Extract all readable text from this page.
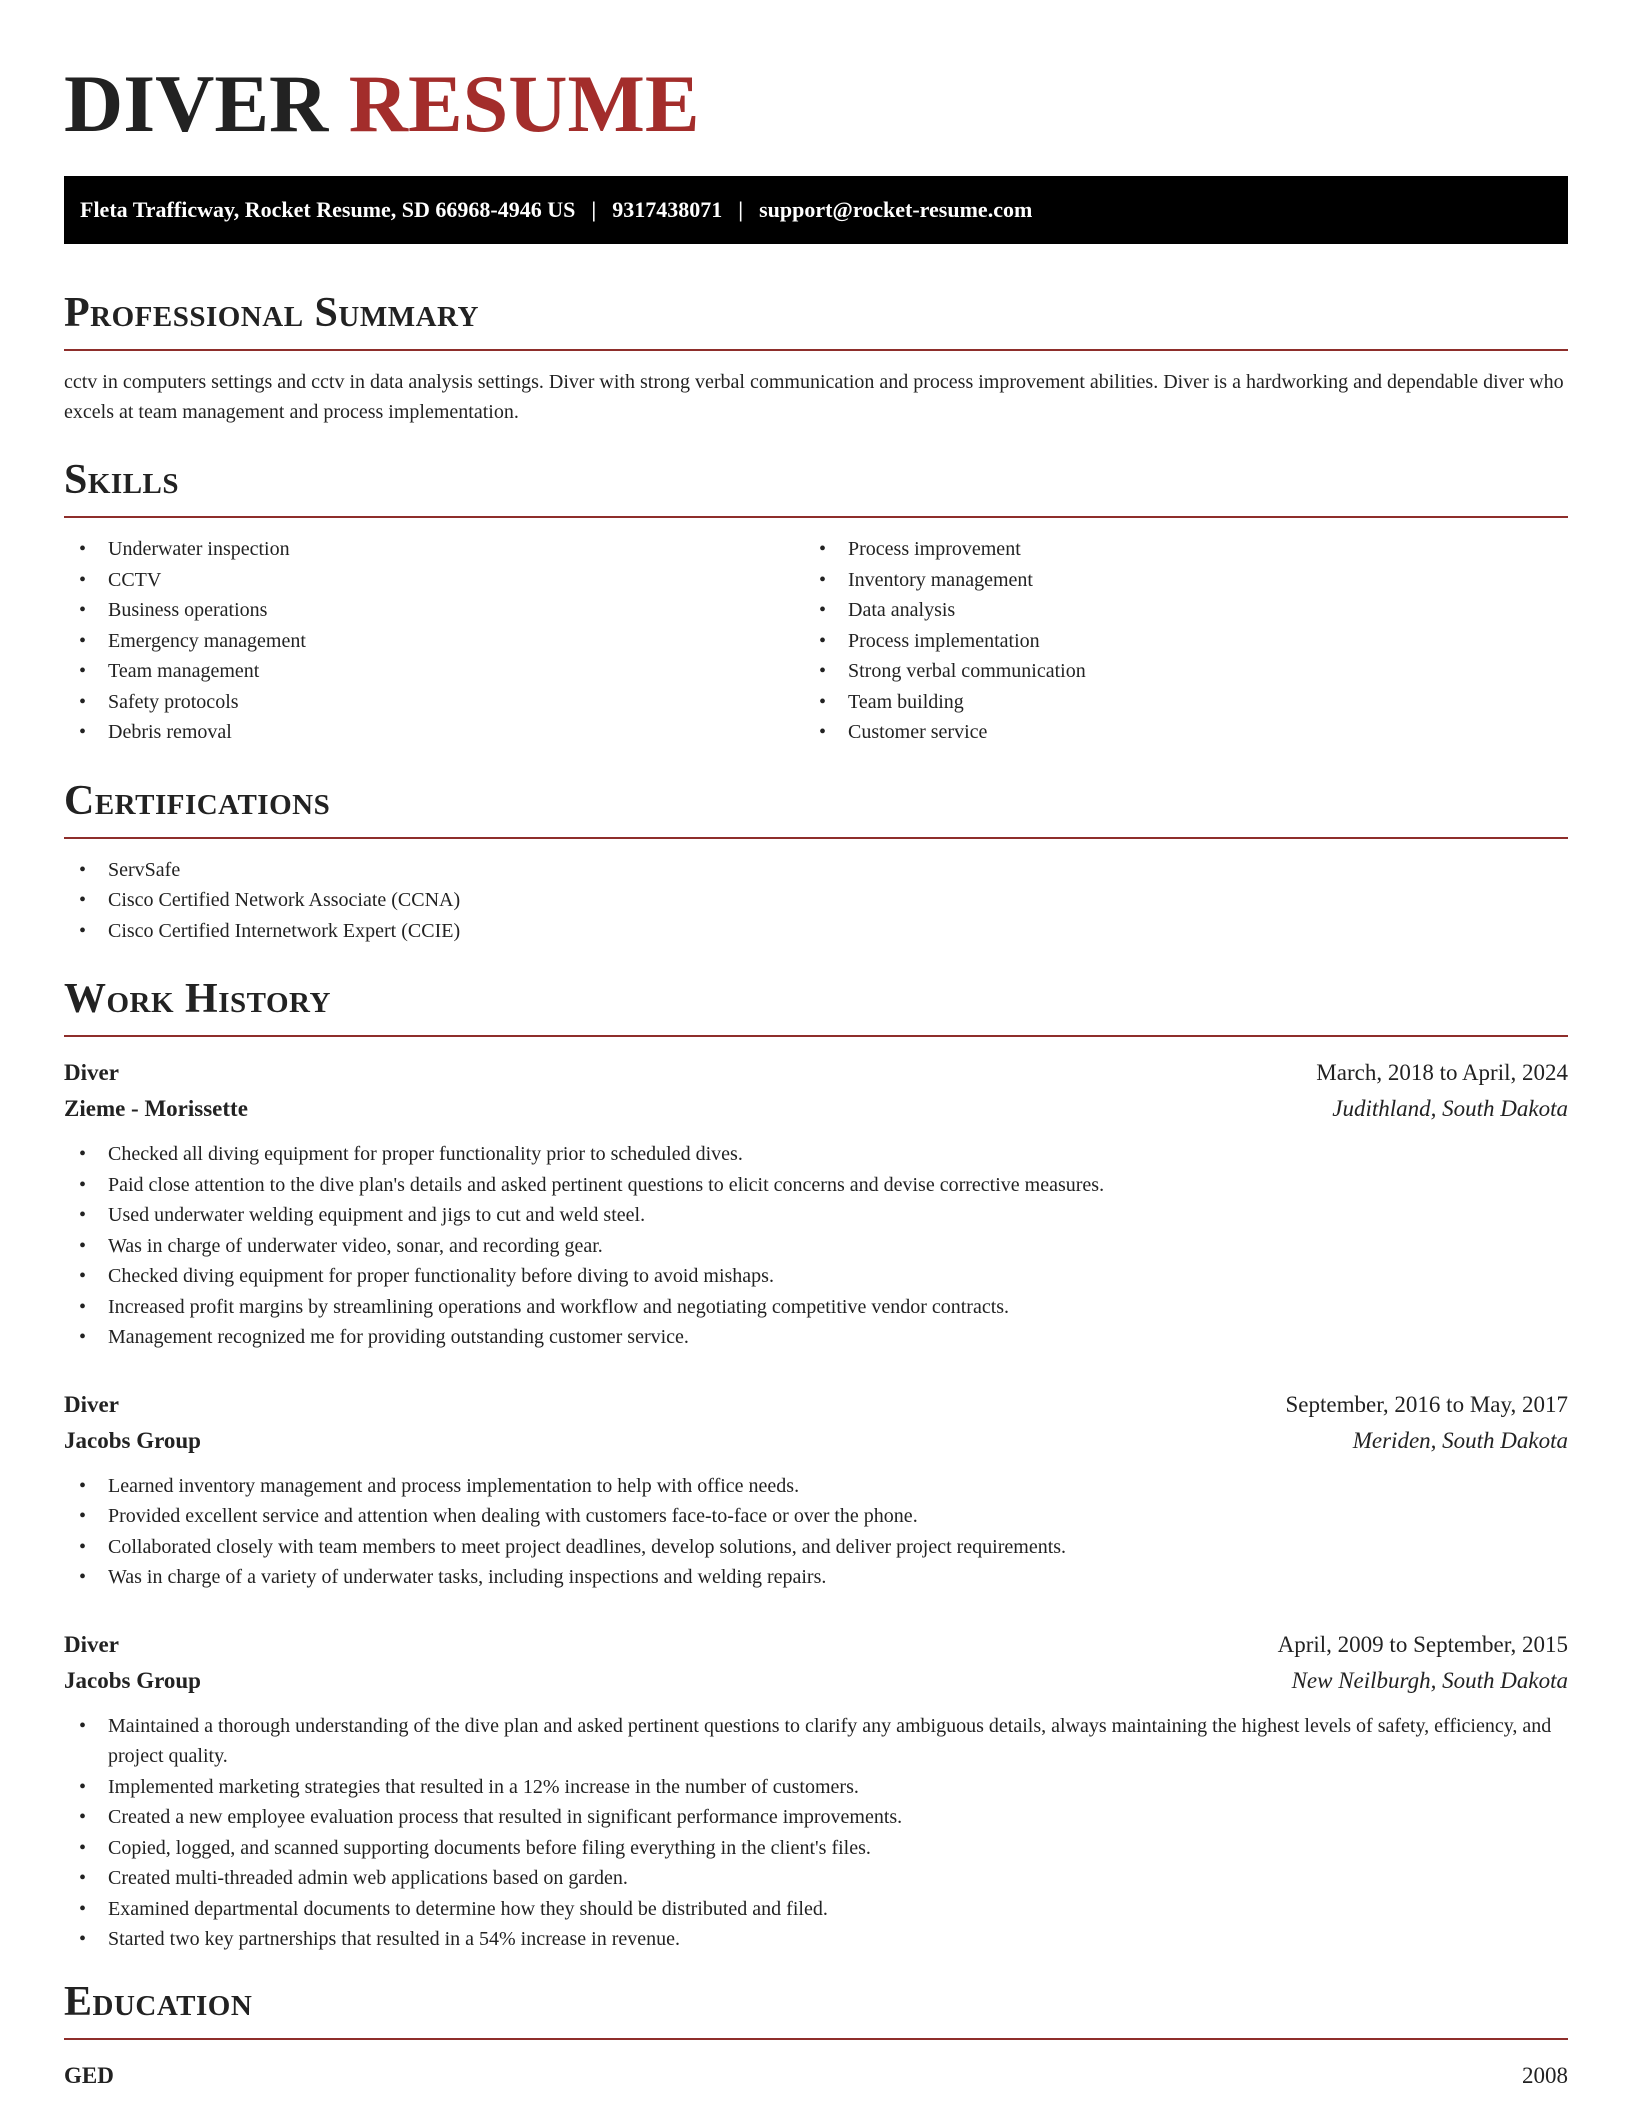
DIVER RESUME
Fleta Trafficway, Rocket Resume, SD 66968-4946 US | 9317438071 | support@rocket-resume.com
Professional Summary
cctv in computers settings and cctv in data analysis settings. Diver with strong verbal communication and process improvement abilities. Diver is a hardworking and dependable diver who excels at team management and process implementation.
Skills
• Underwater inspection
• CCTV
• Business operations
• Emergency management
• Team management
• Safety protocols
• Debris removal
• Process improvement
• Inventory management
• Data analysis
• Process implementation
• Strong verbal communication
• Team building
• Customer service
Certifications
• ServSafe
• Cisco Certified Network Associate (CCNA)
• Cisco Certified Internetwork Expert (CCIE)
Work History
Diver	March, 2018 to April, 2024
Zieme - Morissette	Judithland, South Dakota
• Checked all diving equipment for proper functionality prior to scheduled dives.
• Paid close attention to the dive plan's details and asked pertinent questions to elicit concerns and devise corrective measures.
• Used underwater welding equipment and jigs to cut and weld steel.
• Was in charge of underwater video, sonar, and recording gear.
• Checked diving equipment for proper functionality before diving to avoid mishaps.
• Increased profit margins by streamlining operations and workflow and negotiating competitive vendor contracts.
• Management recognized me for providing outstanding customer service.
Diver	September, 2016 to May, 2017
Jacobs Group	Meriden, South Dakota
• Learned inventory management and process implementation to help with office needs.
• Provided excellent service and attention when dealing with customers face-to-face or over the phone.
• Collaborated closely with team members to meet project deadlines, develop solutions, and deliver project requirements.
• Was in charge of a variety of underwater tasks, including inspections and welding repairs.
Diver	April, 2009 to September, 2015
Jacobs Group	New Neilburgh, South Dakota
• Maintained a thorough understanding of the dive plan and asked pertinent questions to clarify any ambiguous details, always maintaining the highest levels of safety, efficiency, and project quality.
• Implemented marketing strategies that resulted in a 12% increase in the number of customers.
• Created a new employee evaluation process that resulted in significant performance improvements.
• Copied, logged, and scanned supporting documents before filing everything in the client's files.
• Created multi-threaded admin web applications based on garden.
• Examined departmental documents to determine how they should be distributed and filed.
• Started two key partnerships that resulted in a 54% increase in revenue.
Education
GED	2008
